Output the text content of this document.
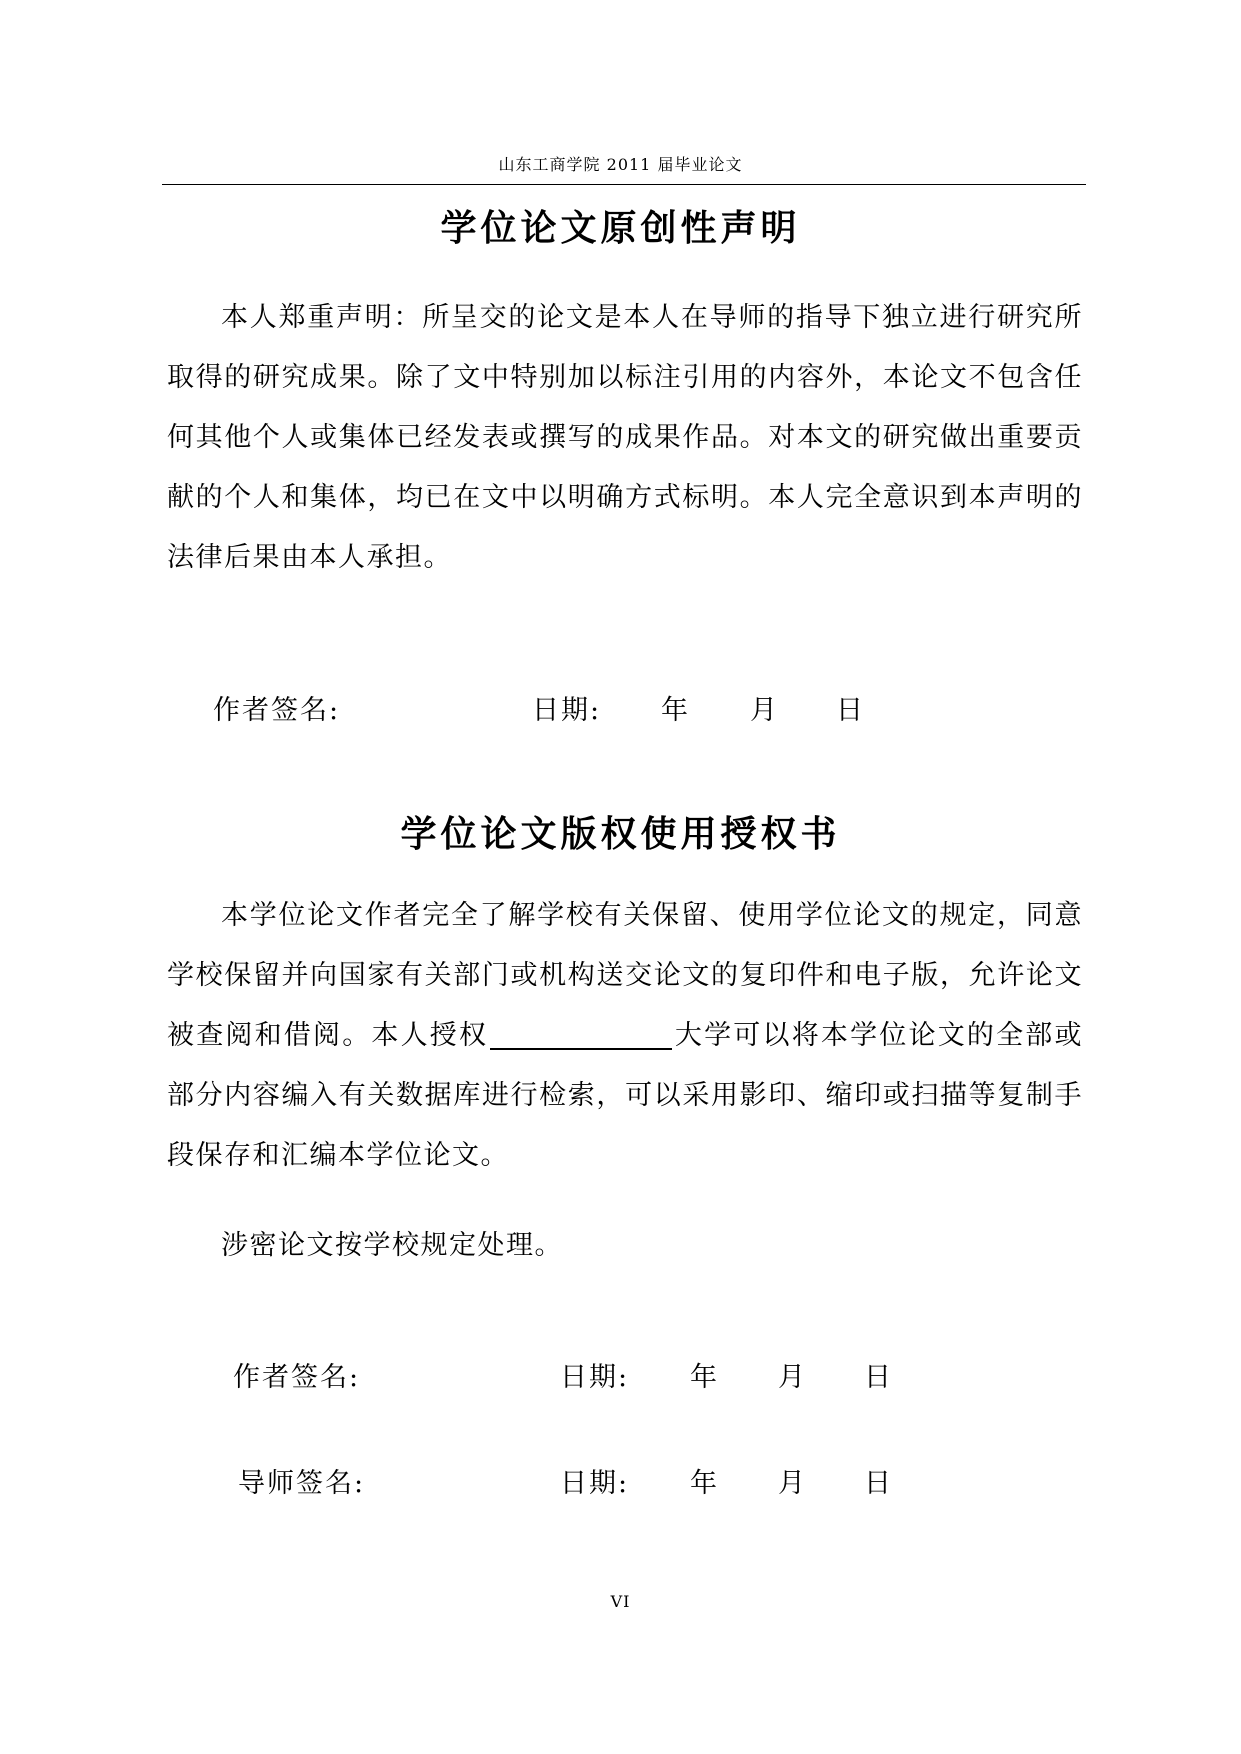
山东工商学院 2011 届毕业论文
学位论文原创性声明

本人郑重声明：所呈交的论文是本人在导师的指导下独立进行研究所取得的研究成果。除了文中特别加以标注引用的内容外，本论文不包含任何其他个人或集体已经发表或撰写的成果作品。对本文的研究做出重要贡献的个人和集体，均已在文中以明确方式标明。本人完全意识到本声明的法律后果由本人承担。

作者签名:	日期: 年 月 日
学位论文版权使用授权书

本学位论文作者完全了解学校有关保留、使用学位论文的规定，同意学校保留并向国家有关部门或机构送交论文的复印件和电子版，允许论文被查阅和借阅。本人授权	大学可以将本学位论文的全部或部分内容编入有关数据库进行检索，可以采用影印、缩印或扫描等复制手段保存和汇编本学位论文。

涉密论文按学校规定处理。

作者签名:	日期: 年 月 日
导师签名:	日期: 年 月 日
VI
